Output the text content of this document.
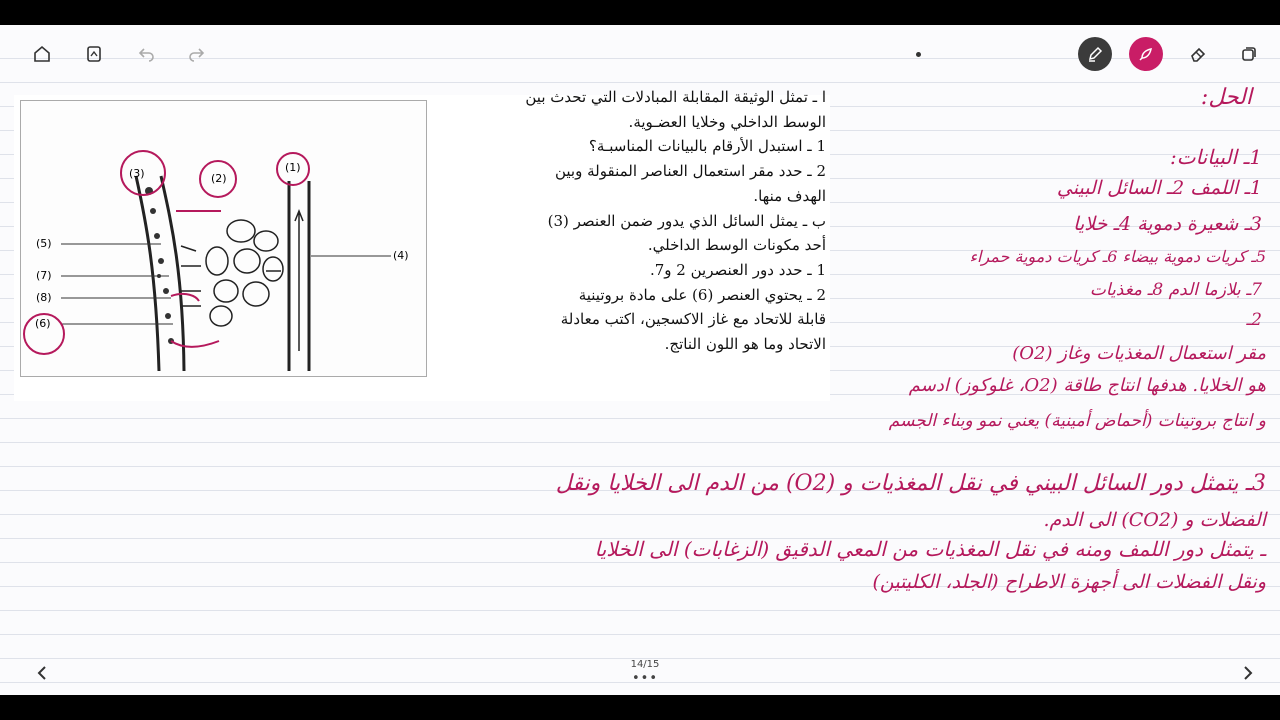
(1)
(2)
(3)
(4)
(5)
(7)
(8)
(6)

ا ـ تمثل الوثيقة المقابلة المبادلات التي تحدث بين

الوسط الداخلي وخلايا العضـوية.

1 ـ استبدل الأرقام بالبيانات المناسبـة؟

2 ـ حدد مقر استعمال العناصر المنقولة وبين

الهدف منها.

ب ـ يمثل السائل الذي يدور ضمن العنصر (3)

أحد مكونات الوسط الداخلي.

1 ـ حدد دور العنصرين 2 و7.

2 ـ يحتوي العنصر (6) على مادة بروتينية

قابلة للاتحاد مع غاز الاكسجين، اكتب معادلة

الاتحاد وما هو اللون الناتج.

الحل:
1ـ البيانات:
1ـ اللمف 2ـ السائل البيني
3ـ شعيرة دموية 4ـ خلايا
5ـ كريات دموية بيضاء 6ـ كريات دموية حمراء
7ـ بلازما الدم 8ـ مغذيات
2ـ
مقر استعمال المغذيات وغاز (O2)
هو الخلايا. هدفها انتاج طاقة (O2، غلوكوز) ادسم
و انتاج بروتينات (أحماض أمينية) يعني نمو وبناء الجسم
3ـ يتمثل دور السائل البيني في نقل المغذيات و (O2) من الدم الى الخلايا ونقل
الفضلات و (CO2) الى الدم.
ـ يتمثل دور اللمف ومنه في نقل المغذيات من المعي الدقيق (الزغابات) الى الخلايا
ونقل الفضلات الى أجهزة الاطراح (الجلد، الكليتين)
14/15
•••
